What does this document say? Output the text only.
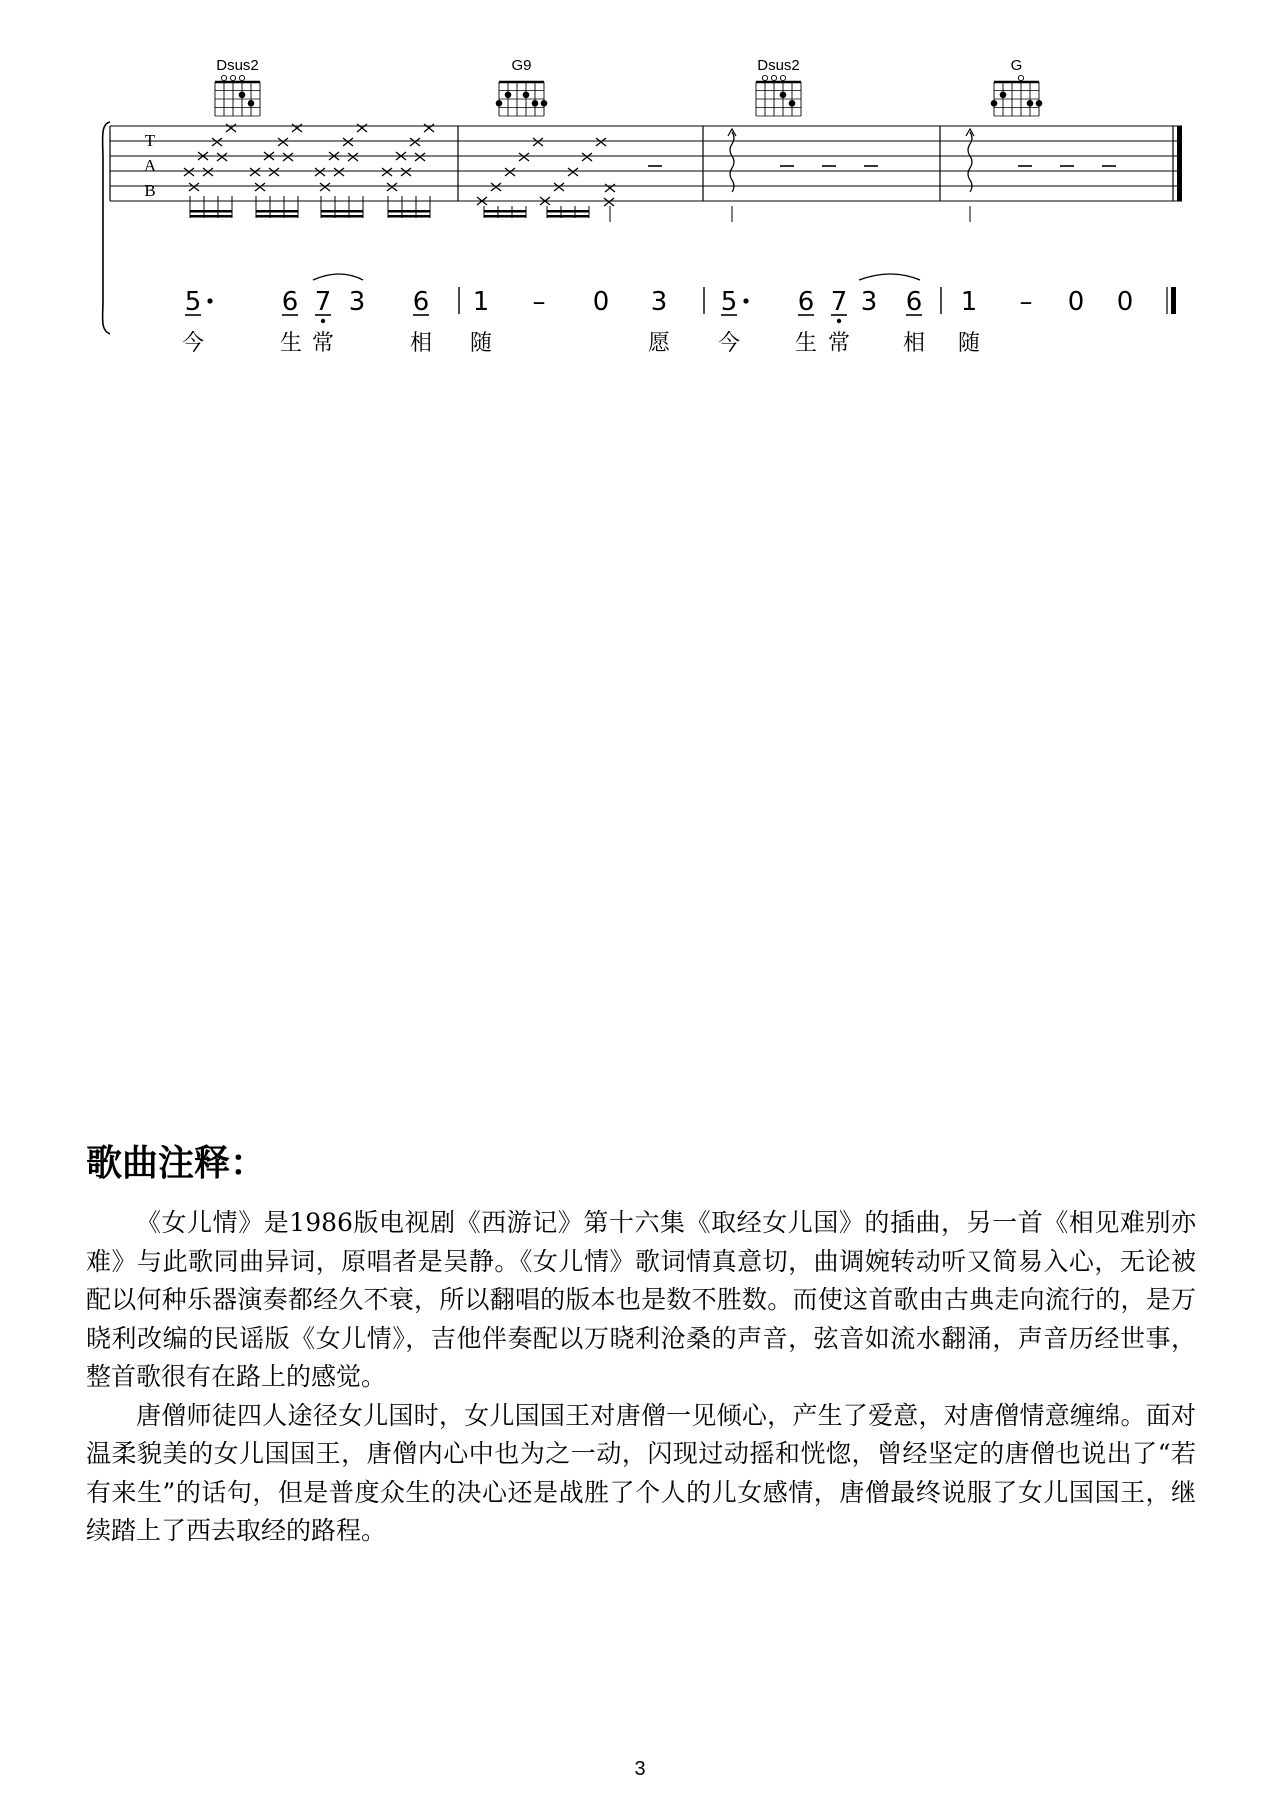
T
A
B
Dsus2	G9	Dsus2	G
5	6 7 3 6 1 – 0 3 5 6 7 3 6 1 – 0 0
今	生 常	相 随	愿 今 生 常 相 随
歌曲注释：

《女儿情》是1986版电视剧《西游记》第十六集《取经女儿国》的插曲，另一首《相见难别亦难》与此歌同曲异词，原唱者是吴静。《女儿情》歌词情真意切，曲调婉转动听又简易入心，无论被配以何种乐器演奏都经久不衰，所以翻唱的版本也是数不胜数。而使这首歌由古典走向流行的，是万晓利改编的民谣版《女儿情》，吉他伴奏配以万晓利沧桑的声音，弦音如流水翻涌，声音历经世事，整首歌很有在路上的感觉。

唐僧师徒四人途径女儿国时，女儿国国王对唐僧一见倾心，产生了爱意，对唐僧情意缠绵。面对温柔貌美的女儿国国王，唐僧内心中也为之一动，闪现过动摇和恍惚，曾经坚定的唐僧也说出了“若有来生”的话句，但是普度众生的决心还是战胜了个人的儿女感情，唐僧最终说服了女儿国国王，继续踏上了西去取经的路程。

3
